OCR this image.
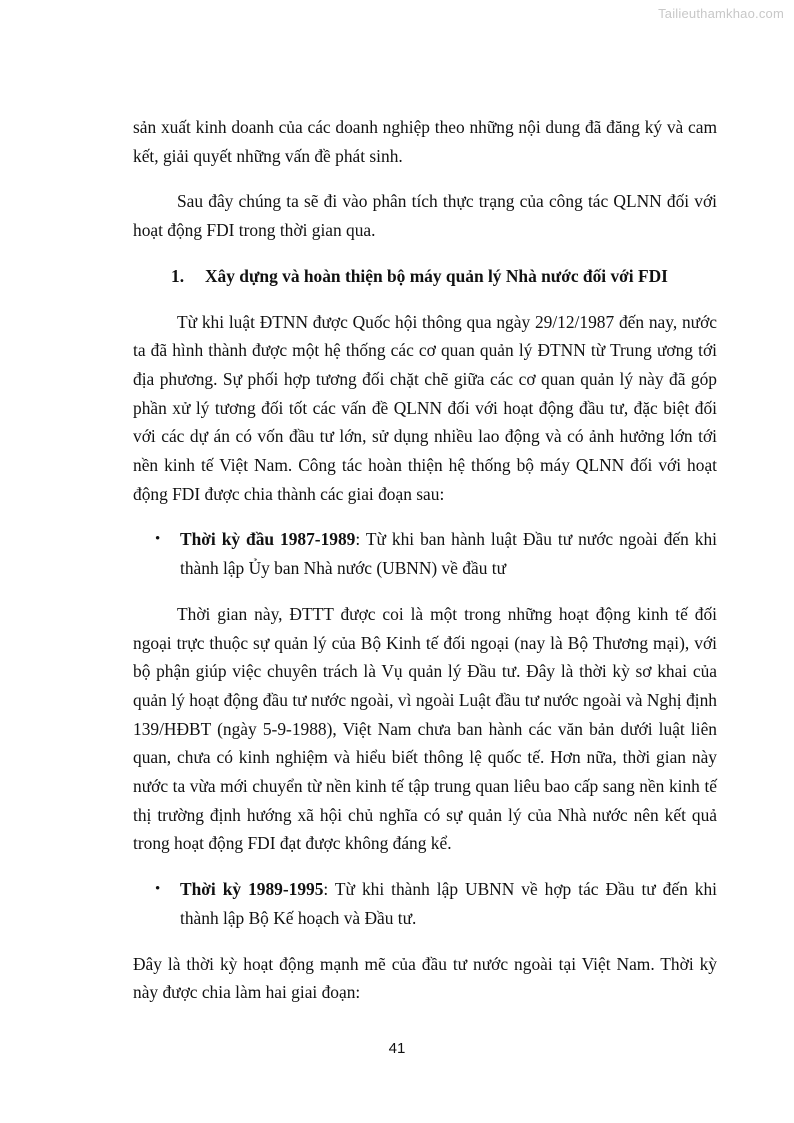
Tailieuthamkhao.com

sản xuất kinh doanh của các doanh nghiệp theo những nội dung đã đăng ký và cam kết, giải quyết những vấn đề phát sinh.

Sau đây chúng ta sẽ đi vào phân tích thực trạng của công tác QLNN đối với hoạt động FDI trong thời gian qua.

1.	Xây dựng và hoàn thiện bộ máy quản lý Nhà nước đối với FDI

Từ khi luật ĐTNN được Quốc hội thông qua ngày 29/12/1987 đến nay, nước ta đã hình thành được một hệ thống các cơ quan quản lý ĐTNN từ Trung ương tới địa phương. Sự phối hợp tương đối chặt chẽ giữa các cơ quan quản lý này đã góp phần xử lý tương đối tốt các vấn đề QLNN đối với hoạt động đầu tư, đặc biệt đối với các dự án có vốn đầu tư lớn, sử dụng nhiều lao động và có ảnh hưởng lớn tới nền kinh tế Việt Nam. Công tác hoàn thiện hệ thống bộ máy QLNN đối với hoạt động FDI được chia thành các giai đoạn sau:

•	Thời kỳ đầu 1987-1989: Từ khi ban hành luật Đầu tư nước ngoài đến khi thành lập Ủy ban Nhà nước (UBNN) về đầu tư

Thời gian này, ĐTTT được coi là một trong những hoạt động kinh tế đối ngoại trực thuộc sự quản lý của Bộ Kinh tế đối ngoại (nay là Bộ Thương mại), với bộ phận giúp việc chuyên trách là Vụ quản lý Đầu tư. Đây là thời kỳ sơ khai của quản lý hoạt động đầu tư nước ngoài, vì ngoài Luật đầu tư nước ngoài và Nghị định 139/HĐBT (ngày 5-9-1988), Việt Nam chưa ban hành các văn bản dưới luật liên quan, chưa có kinh nghiệm và hiểu biết thông lệ quốc tế. Hơn nữa, thời gian này nước ta vừa mới chuyển từ nền kinh tế tập trung quan liêu bao cấp sang nền kinh tế thị trường định hướng xã hội chủ nghĩa có sự quản lý của Nhà nước nên kết quả trong hoạt động FDI đạt được không đáng kể.

•	Thời kỳ 1989-1995: Từ khi thành lập UBNN về hợp tác Đầu tư đến khi thành lập Bộ Kế hoạch và Đầu tư.

Đây là thời kỳ hoạt động mạnh mẽ của đầu tư nước ngoài tại Việt Nam. Thời kỳ này được chia làm hai giai đoạn:

41
